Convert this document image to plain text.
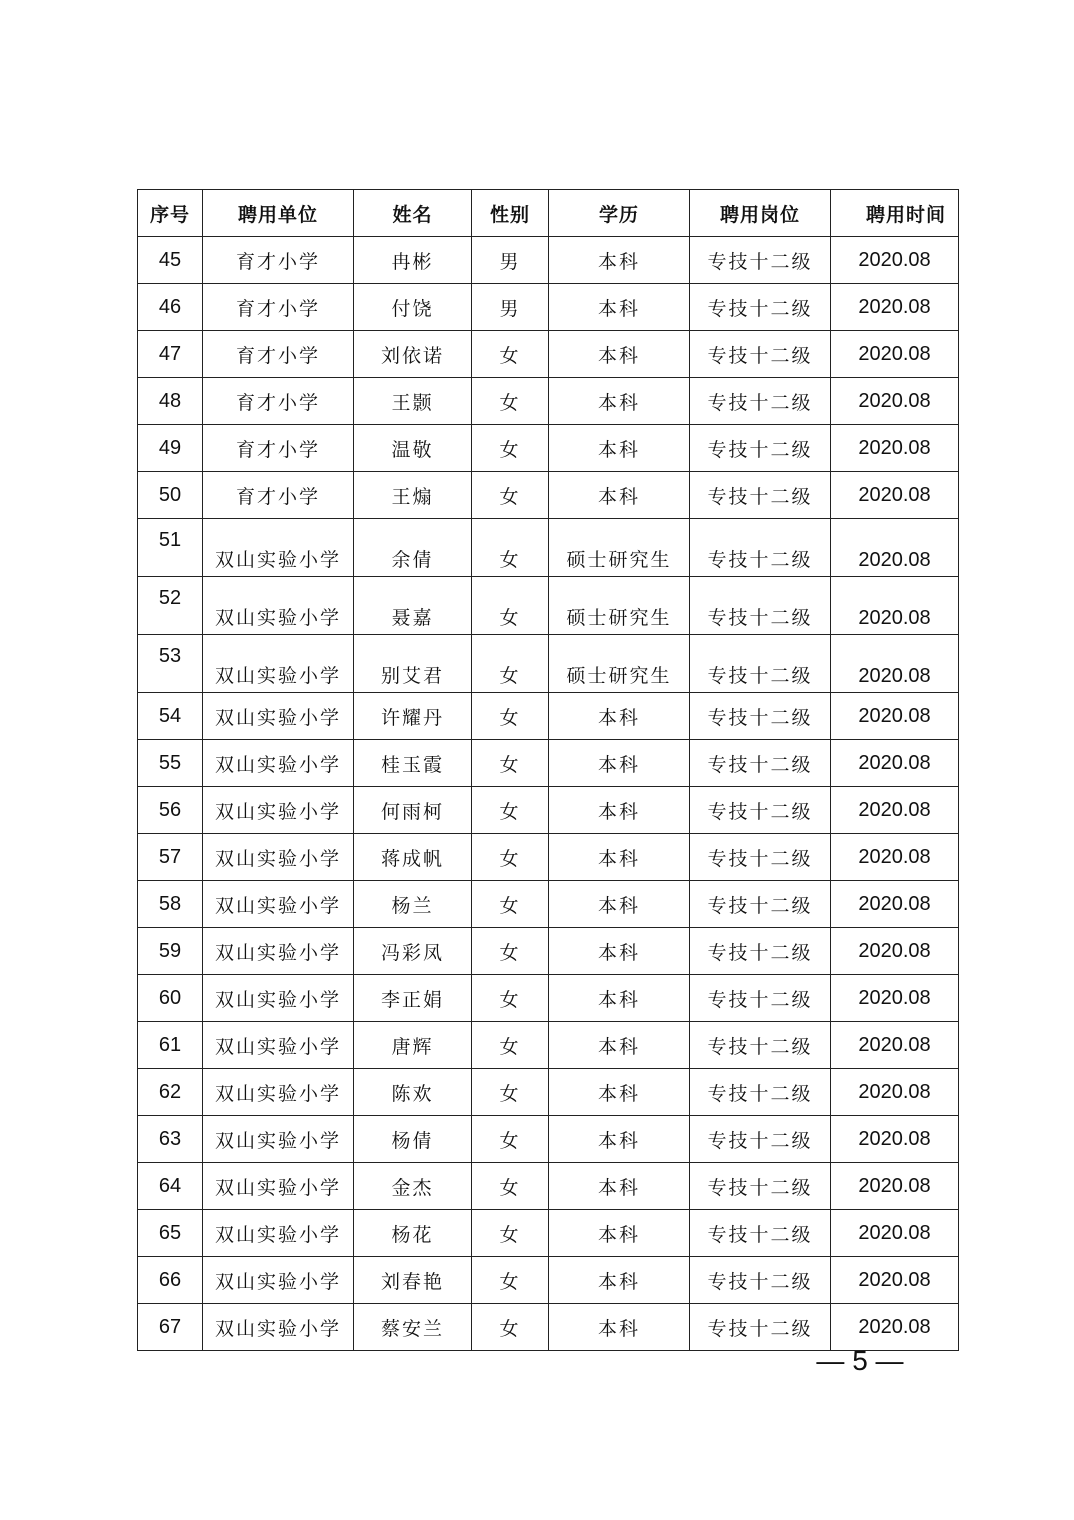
序号	聘用单位	姓名	性别	学历	聘用岗位	聘用时间
45	育才小学	冉彬	男	本科	专技十二级	2020.08
46	育才小学	付饶	男	本科	专技十二级	2020.08
47	育才小学	刘依诺	女	本科	专技十二级	2020.08
48	育才小学	王颢	女	本科	专技十二级	2020.08
49	育才小学	温敬	女	本科	专技十二级	2020.08
50	育才小学	王煽	女	本科	专技十二级	2020.08
51	双山实验小学	余倩	女	硕士研究生	专技十二级	2020.08
52	双山实验小学	聂嘉	女	硕士研究生	专技十二级	2020.08
53	双山实验小学	别艾君	女	硕士研究生	专技十二级	2020.08
54	双山实验小学	许耀丹	女	本科	专技十二级	2020.08
55	双山实验小学	桂玉霞	女	本科	专技十二级	2020.08
56	双山实验小学	何雨柯	女	本科	专技十二级	2020.08
57	双山实验小学	蒋成帆	女	本科	专技十二级	2020.08
58	双山实验小学	杨兰	女	本科	专技十二级	2020.08
59	双山实验小学	冯彩凤	女	本科	专技十二级	2020.08
60	双山实验小学	李正娟	女	本科	专技十二级	2020.08
61	双山实验小学	唐辉	女	本科	专技十二级	2020.08
62	双山实验小学	陈欢	女	本科	专技十二级	2020.08
63	双山实验小学	杨倩	女	本科	专技十二级	2020.08
64	双山实验小学	金杰	女	本科	专技十二级	2020.08
65	双山实验小学	杨花	女	本科	专技十二级	2020.08
66	双山实验小学	刘春艳	女	本科	专技十二级	2020.08
67	双山实验小学	蔡安兰	女	本科	专技十二级	2020.08
— 5 —
